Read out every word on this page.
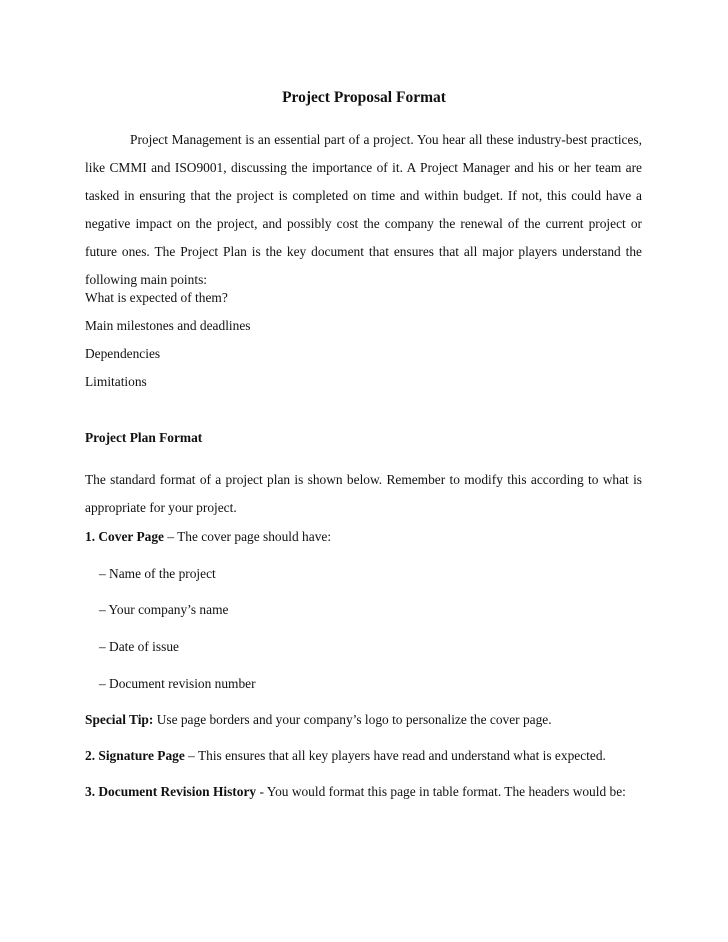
Project Proposal Format
Project Management is an essential part of a project. You hear all these industry-best practices, like CMMI and ISO9001, discussing the importance of it. A Project Manager and his or her team are tasked in ensuring that the project is completed on time and within budget. If not, this could have a negative impact on the project, and possibly cost the company the renewal of the current project or future ones. The Project Plan is the key document that ensures that all major players understand the following main points:
What is expected of them?
Main milestones and deadlines
Dependencies
Limitations
Project Plan Format
The standard format of a project plan is shown below. Remember to modify this according to what is appropriate for your project.
1. Cover Page – The cover page should have:
– Name of the project
– Your company’s name
– Date of issue
– Document revision number
Special Tip: Use page borders and your company’s logo to personalize the cover page.
2. Signature Page – This ensures that all key players have read and understand what is expected.
3. Document Revision History - You would format this page in table format. The headers would be:
